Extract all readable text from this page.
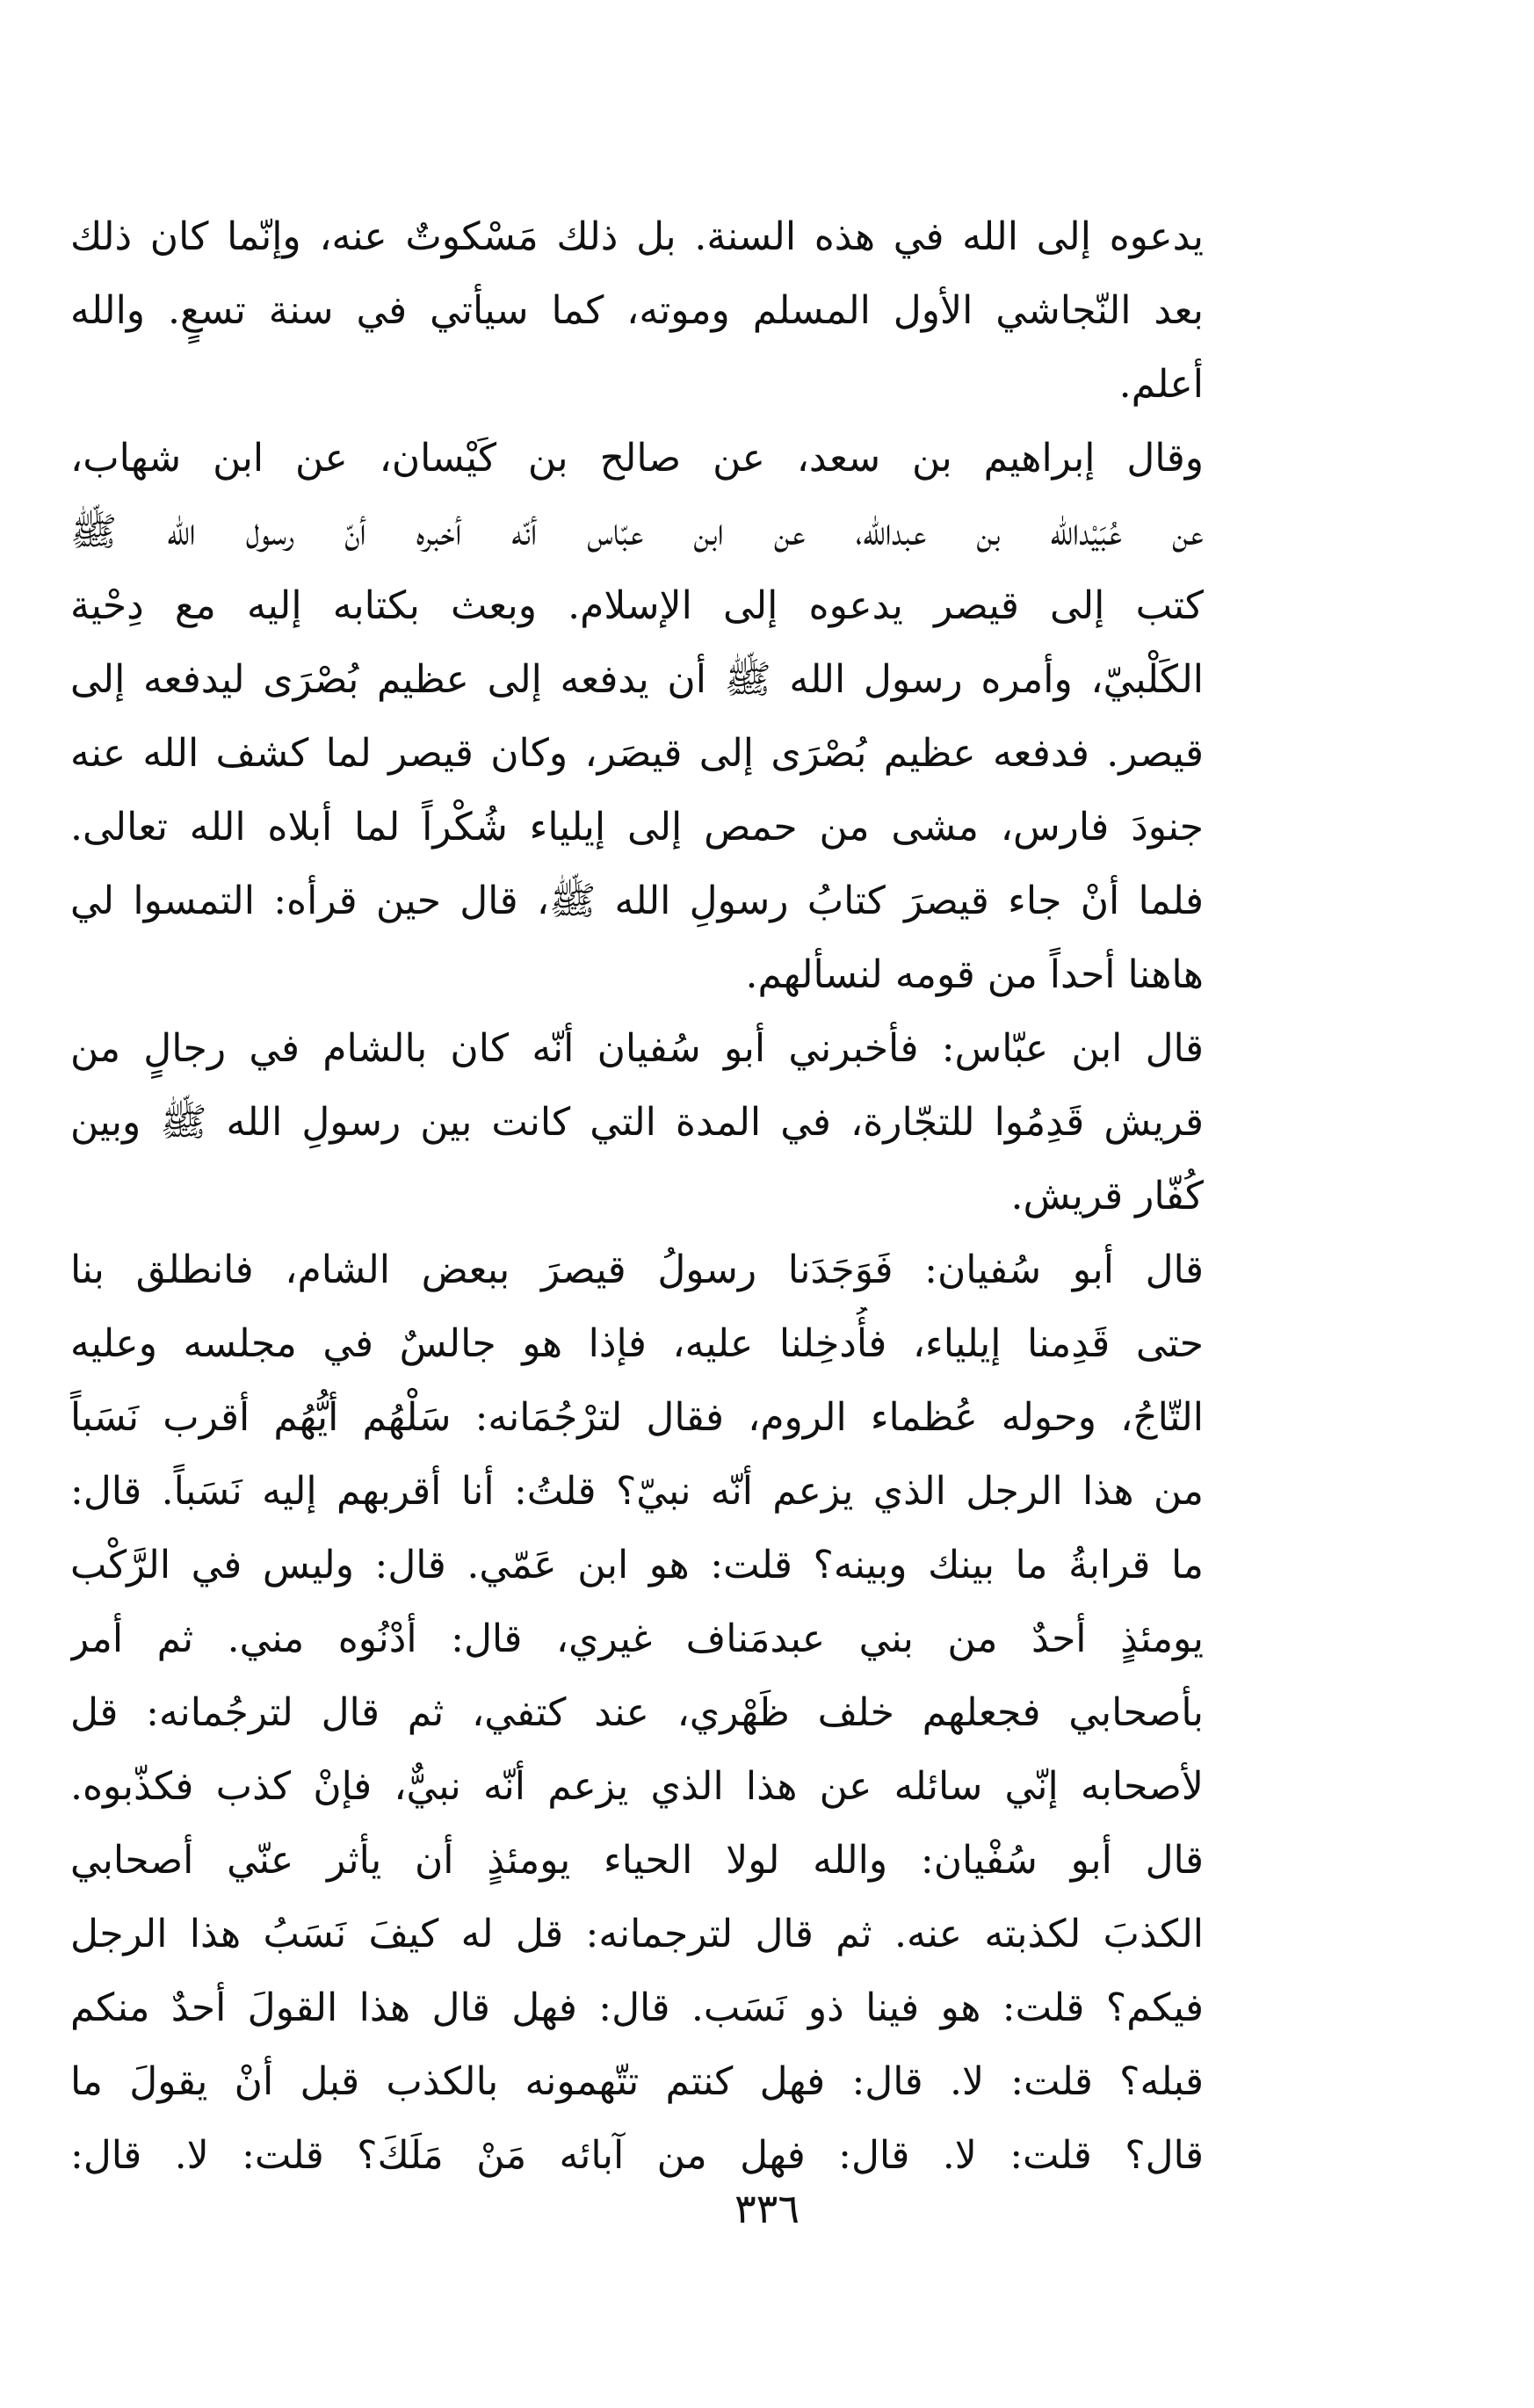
يدعوه إلى الله في هذه السنة. بل ذلك مَسْكوتٌ عنه، وإنّما كان ذلك
بعد النّجاشي الأول المسلم وموته، كما سيأتي في سنة تسعٍ. والله
أعلم.
وقال إبراهيم بن سعد، عن صالح بن كَيْسان، عن ابن شهاب،
عن عُبَيْدالله بن عبدالله، عن ابن عبّاس أنّه أخبره أنّ رسول الله ﷺ
كتب إلى قيصر يدعوه إلى الإسلام. وبعث بكتابه إليه مع دِحْية
الكَلْبيّ، وأمره رسول الله ﷺ أن يدفعه إلى عظيم بُصْرَى ليدفعه إلى
قيصر. فدفعه عظيم بُصْرَى إلى قيصَر، وكان قيصر لما كشف الله عنه
جنودَ فارس، مشى من حمص إلى إيلياء شُكْراً لما أبلاه الله تعالى.
فلما أنْ جاء قيصرَ كتابُ رسولِ الله ﷺ، قال حين قرأه: التمسوا لي
هاهنا أحداً من قومه لنسألهم.
قال ابن عبّاس: فأخبرني أبو سُفيان أنّه كان بالشام في رجالٍ من
قريش قَدِمُوا للتجّارة، في المدة التي كانت بين رسولِ الله ﷺ وبين
كُفّار قريش.
قال أبو سُفيان: فَوَجَدَنا رسولُ قيصرَ ببعض الشام، فانطلق بنا
حتى قَدِمنا إيلياء، فأُدخِلنا عليه، فإذا هو جالسٌ في مجلسه وعليه
التّاجُ، وحوله عُظماء الروم، فقال لترْجُمَانه: سَلْهُم أيُّهُم أقرب نَسَباً
من هذا الرجل الذي يزعم أنّه نبيّ؟ قلتُ: أنا أقربهم إليه نَسَباً. قال:
ما قرابةُ ما بينك وبينه؟ قلت: هو ابن عَمّي. قال: وليس في الرَّكْب
يومئذٍ أحدٌ من بني عبدمَناف غيري، قال: أدْنُوه مني. ثم أمر
بأصحابي فجعلهم خلف ظَهْري، عند كتفي، ثم قال لترجُمانه: قل
لأصحابه إنّي سائله عن هذا الذي يزعم أنّه نبيٌّ، فإنْ كذب فكذّبوه.
قال أبو سُفْيان: والله لولا الحياء يومئذٍ أن يأثر عنّي أصحابي
الكذبَ لكذبته عنه. ثم قال لترجمانه: قل له كيفَ نَسَبُ هذا الرجل
فيكم؟ قلت: هو فينا ذو نَسَب. قال: فهل قال هذا القولَ أحدٌ منكم
قبله؟ قلت: لا. قال: فهل كنتم تتّهمونه بالكذب قبل أنْ يقولَ ما
قال؟ قلت: لا. قال: فهل من آبائه مَنْ مَلَكَ؟ قلت: لا. قال:
٣٣٦
